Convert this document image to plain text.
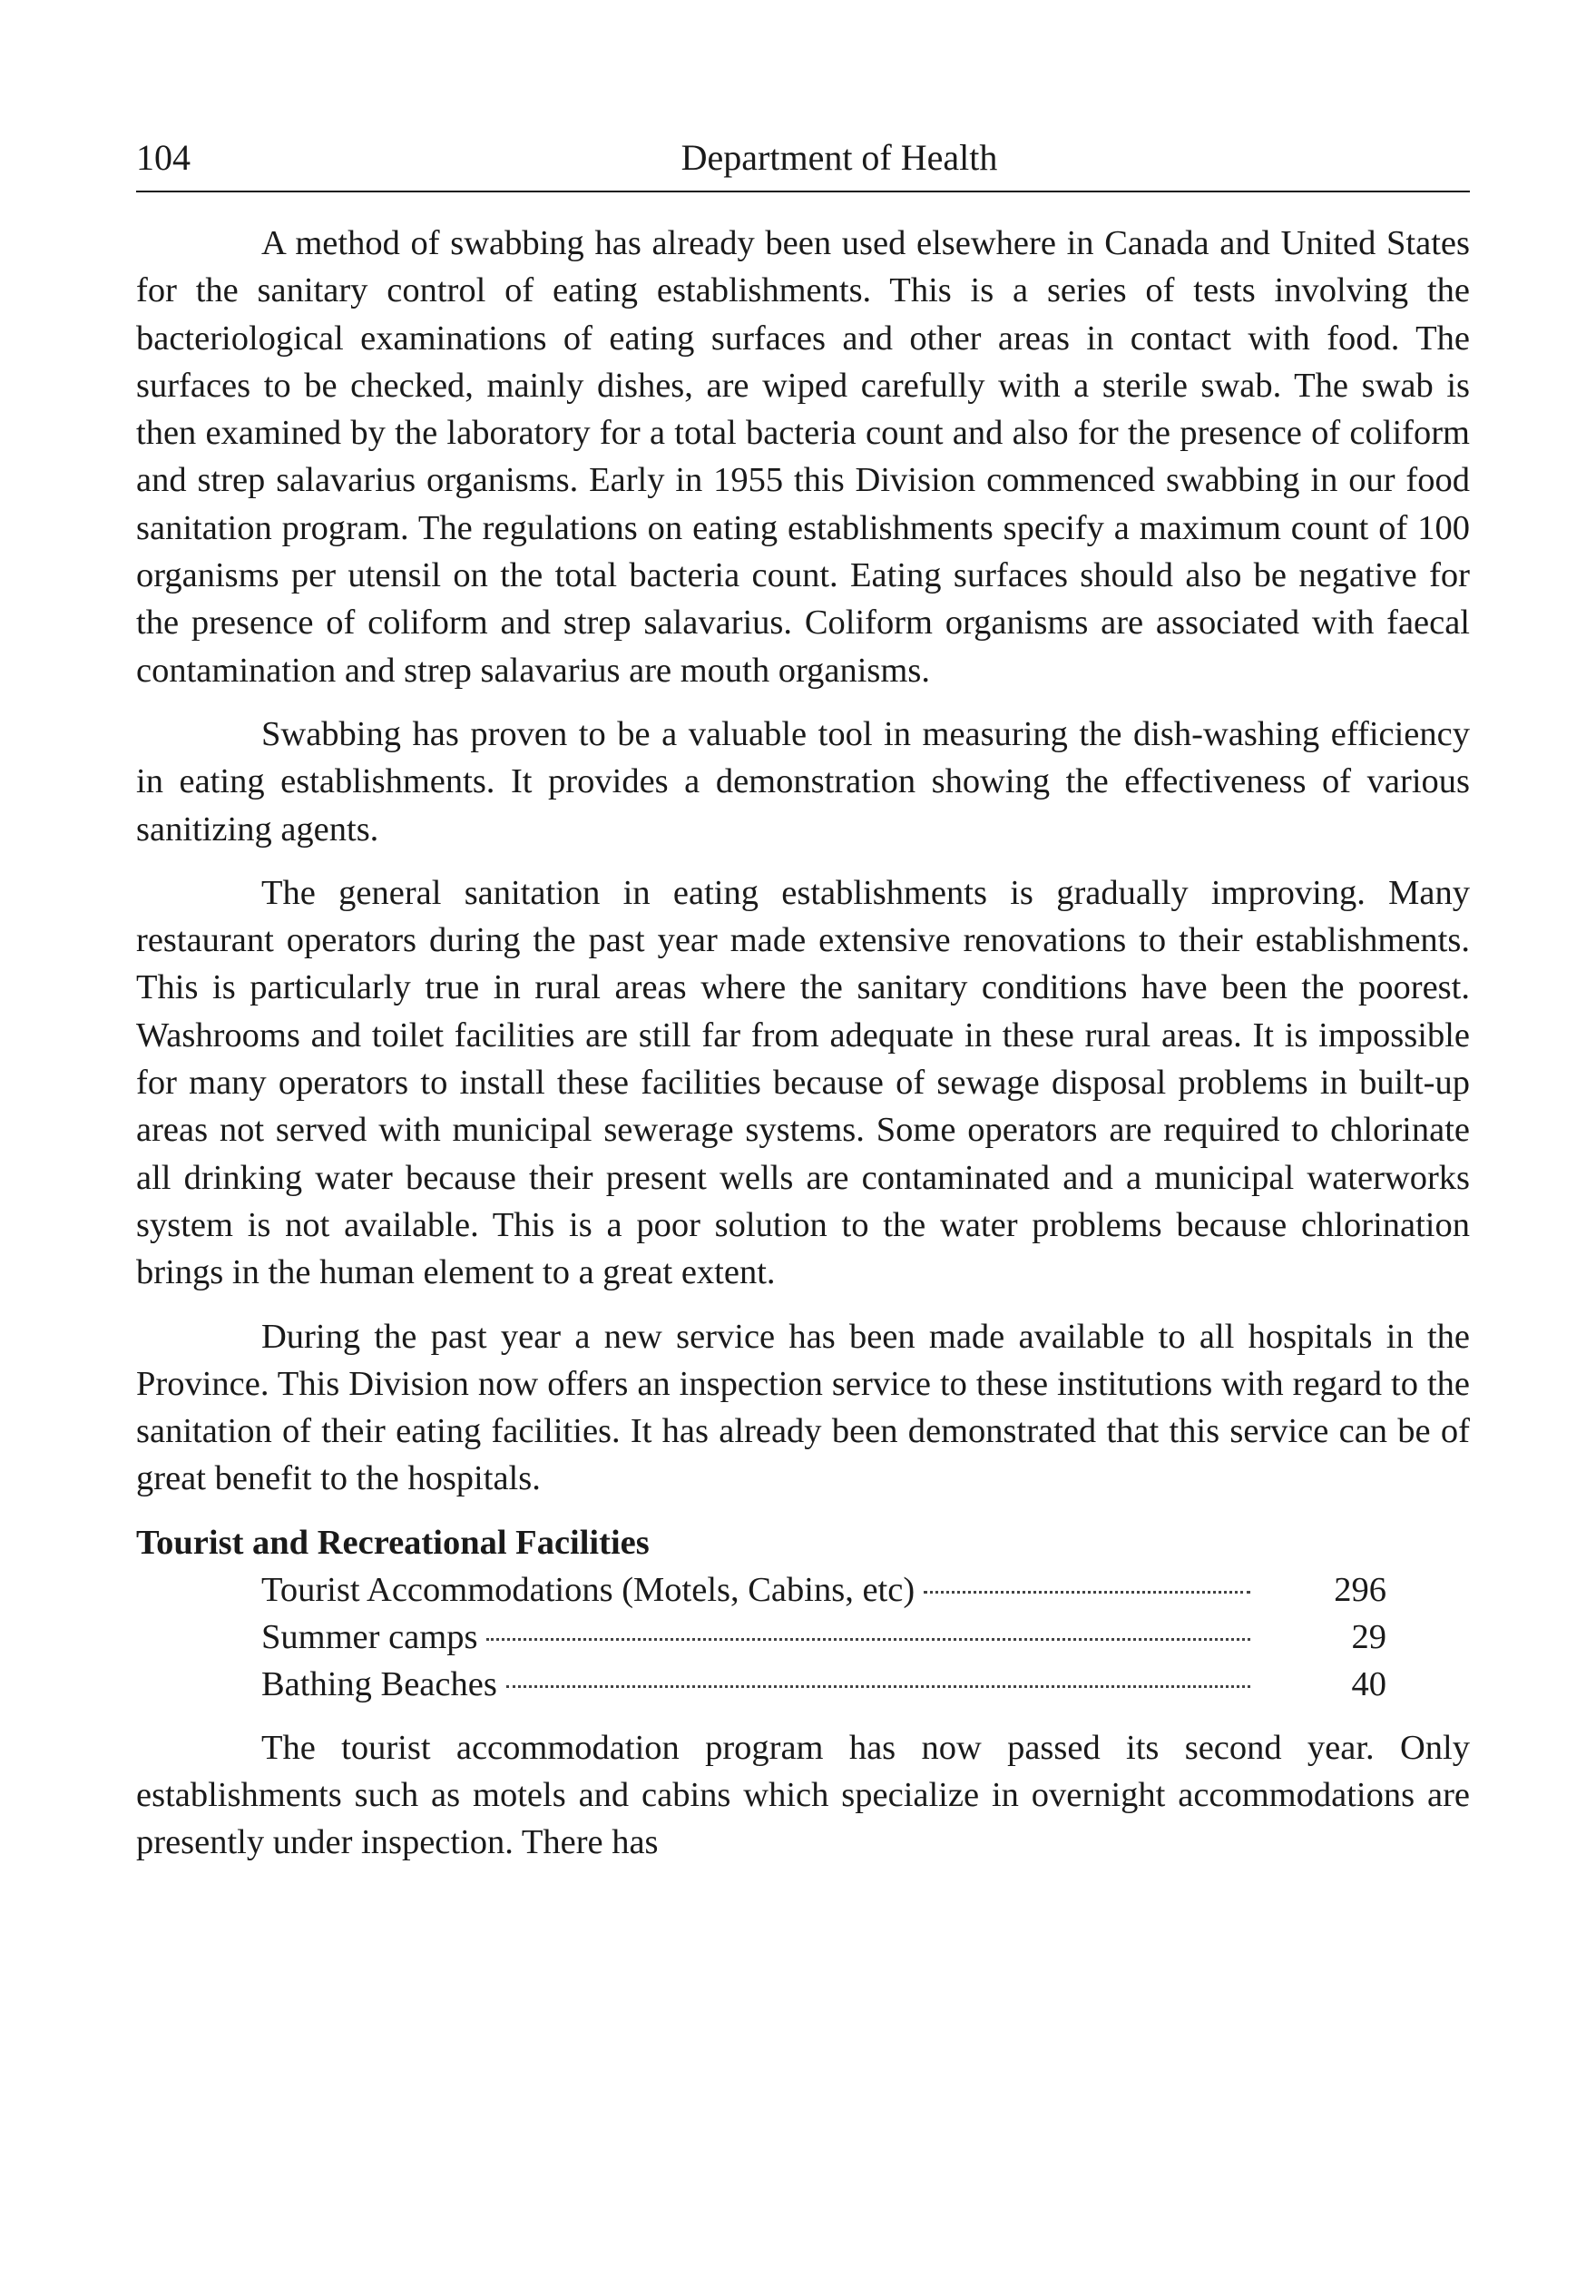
104	Department of Health

A method of swabbing has already been used elsewhere in Canada and United States for the sanitary control of eating establishments. This is a series of tests involving the bacteriological examinations of eating surfaces and other areas in contact with food. The surfaces to be checked, mainly dishes, are wiped carefully with a sterile swab. The swab is then examined by the laboratory for a total bacteria count and also for the presence of coliform and strep salavarius organisms. Early in 1955 this Division commenced swabbing in our food sanitation program. The regulations on eating establishments specify a maximum count of 100 organisms per utensil on the total bacteria count. Eating surfaces should also be negative for the presence of coliform and strep salavarius. Coliform organisms are associated with faecal contamination and strep salavarius are mouth organisms.

Swabbing has proven to be a valuable tool in measuring the dish-washing efficiency in eating establishments. It provides a demonstration showing the effectiveness of various sanitizing agents.

The general sanitation in eating establishments is gradually improving. Many restaurant operators during the past year made extensive renovations to their establishments. This is particularly true in rural areas where the sanitary conditions have been the poorest. Washrooms and toilet facilities are still far from adequate in these rural areas. It is impossible for many operators to install these facilities because of sewage disposal problems in built-up areas not served with municipal sewerage systems. Some operators are required to chlorinate all drinking water because their present wells are contaminated and a municipal waterworks system is not available. This is a poor solution to the water problems because chlorination brings in the human element to a great extent.

During the past year a new service has been made available to all hospitals in the Province. This Division now offers an inspection service to these institutions with regard to the sanitation of their eating facilities. It has already been demonstrated that this service can be of great benefit to the hospitals.

Tourist and Recreational Facilities
Tourist Accommodations (Motels, Cabins, etc)	296
Summer camps	29
Bathing Beaches	40

The tourist accommodation program has now passed its second year. Only establishments such as motels and cabins which specialize in overnight accommodations are presently under inspection. There has
